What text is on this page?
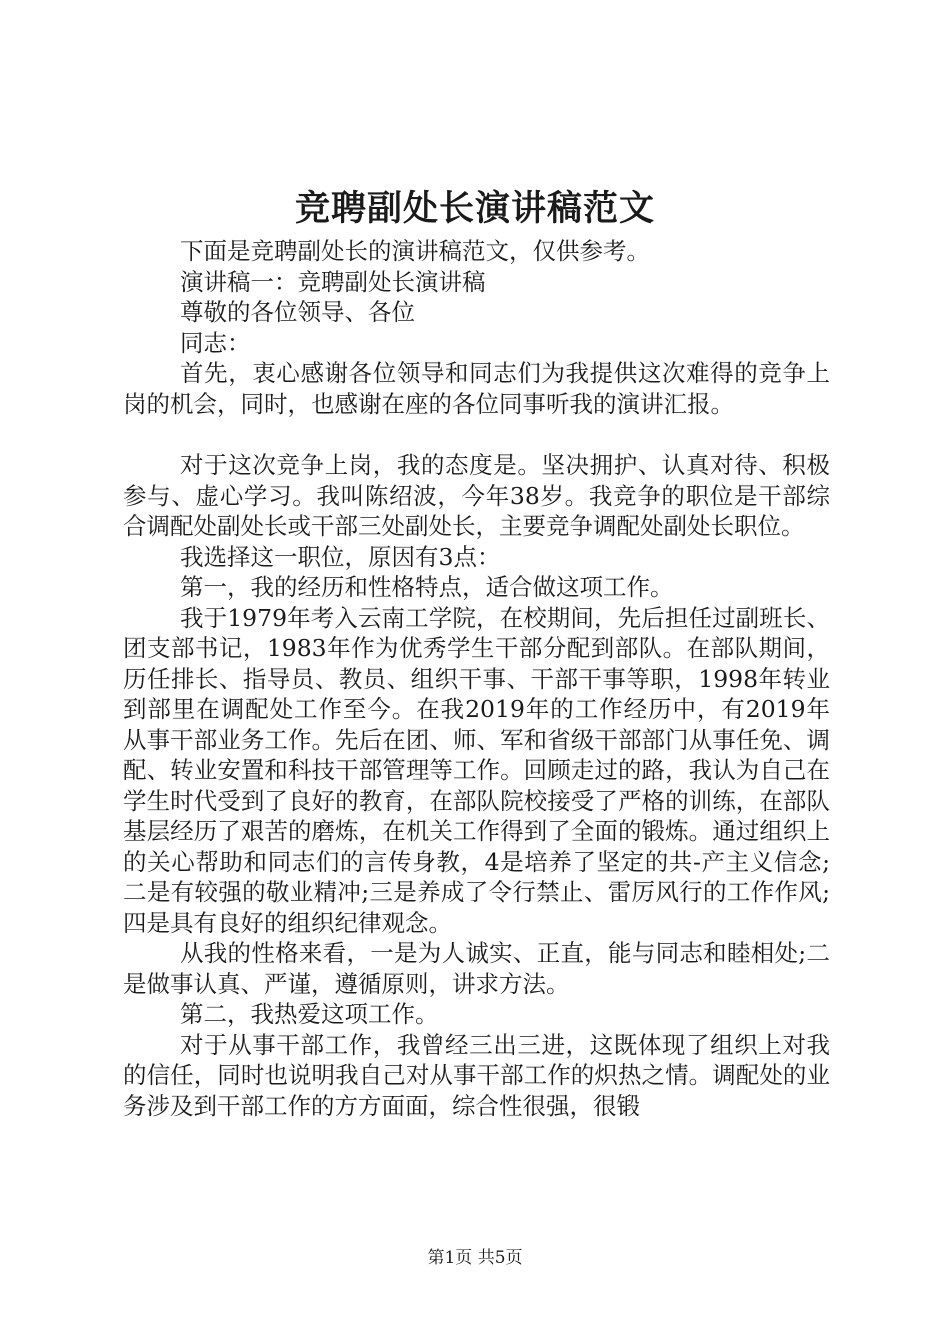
竞聘副处长演讲稿范文

下面是竞聘副处长的演讲稿范文，仅供参考。

演讲稿一：竞聘副处长演讲稿

尊敬的各位领导、各位

同志：

首先，衷心感谢各位领导和同志们为我提供这次难得的竞争上岗的机会，同时，也感谢在座的各位同事听我的演讲汇报。

对于这次竞争上岗，我的态度是。坚决拥护、认真对待、积极参与、虚心学习。我叫陈绍波，今年38岁。我竞争的职位是干部综合调配处副处长或干部三处副处长，主要竞争调配处副处长职位。

我选择这一职位，原因有3点：

第一，我的经历和性格特点，适合做这项工作。

我于1979年考入云南工学院，在校期间，先后担任过副班长、团支部书记，1983年作为优秀学生干部分配到部队。在部队期间，历任排长、指导员、教员、组织干事、干部干事等职，1998年转业到部里在调配处工作至今。在我2019年的工作经历中，有2019年从事干部业务工作。先后在团、师、军和省级干部部门从事任免、调配、转业安置和科技干部管理等工作。回顾走过的路，我认为自己在学生时代受到了良好的教育，在部队院校接受了严格的训练，在部队基层经历了艰苦的磨炼，在机关工作得到了全面的锻炼。通过组织上的关心帮助和同志们的言传身教，4是培养了坚定的共-产主义信念;二是有较强的敬业精冲;三是养成了令行禁止、雷厉风行的工作作风;四是具有良好的组织纪律观念。

从我的性格来看，一是为人诚实、正直，能与同志和睦相处;二是做事认真、严谨，遵循原则，讲求方法。

第二，我热爱这项工作。

对于从事干部工作，我曾经三出三进，这既体现了组织上对我的信任，同时也说明我自己对从事干部工作的炽热之情。调配处的业务涉及到干部工作的方方面面，综合性很强，很锻

第1页 共5页
